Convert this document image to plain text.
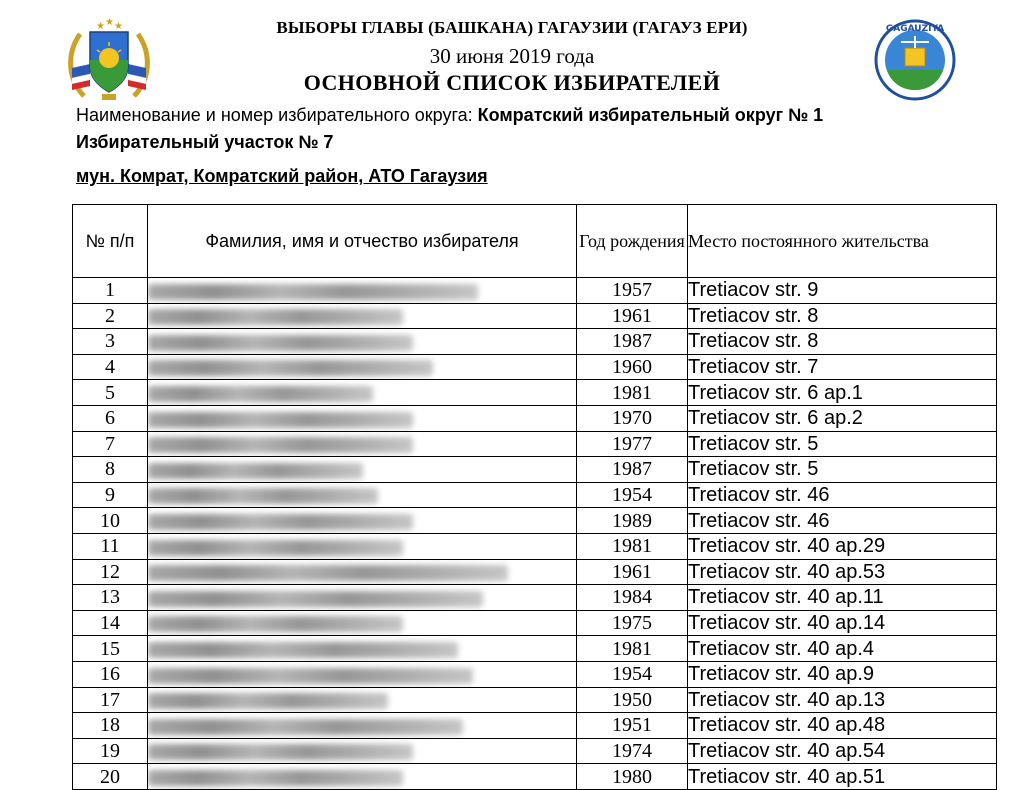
★ ★ ★	GAGAUZIYA
ВЫБОРЫ ГЛАВЫ (БАШКАНА) ГАГАУЗИИ (ГАГАУЗ ЕРИ)
30 июня 2019 года
ОСНОВНОЙ СПИСОК ИЗБИРАТЕЛЕЙ
Наименование и номер избирательного округа: Комратский избирательный округ № 1
Избирательный участок № 7
мун. Комрат, Комратский район, АТО Гагаузия
№ п/п	Фамилия, имя и отчество избирателя	Год рождения	Место постоянного жительства
1		1957	Tretiacov str. 9
2		1961	Tretiacov str. 8
3		1987	Tretiacov str. 8
4		1960	Tretiacov str. 7
5		1981	Tretiacov str. 6 ap.1
6		1970	Tretiacov str. 6 ap.2
7		1977	Tretiacov str. 5
8		1987	Tretiacov str. 5
9		1954	Tretiacov str. 46
10		1989	Tretiacov str. 46
11		1981	Tretiacov str. 40 ap.29
12		1961	Tretiacov str. 40 ap.53
13		1984	Tretiacov str. 40 ap.11
14		1975	Tretiacov str. 40 ap.14
15		1981	Tretiacov str. 40 ap.4
16		1954	Tretiacov str. 40 ap.9
17		1950	Tretiacov str. 40 ap.13
18		1951	Tretiacov str. 40 ap.48
19		1974	Tretiacov str. 40 ap.54
20		1980	Tretiacov str. 40 ap.51
